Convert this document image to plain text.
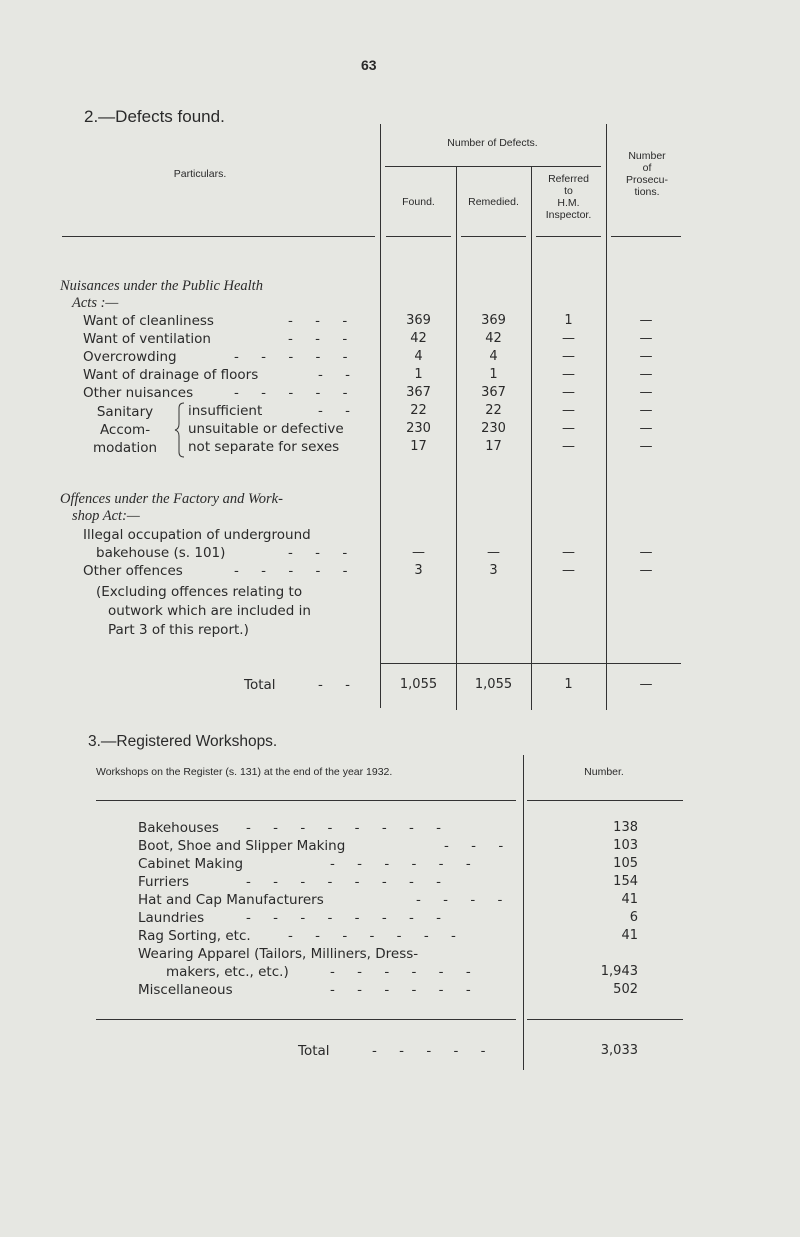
63
2.—Defects found.
Particulars.
Number of Defects.
Found.	Remedied.
Referred
to
H.M.
Inspector.
Number
of
Prosecu-
tions.
Nuisances under the Public Health
Acts :—
Want of cleanliness	- - -	369	369	1	—
Want of ventilation	- - -	42	42	—	—
Overcrowding	- - - - -	4	4	—	—
Want of drainage of floors	- -	1	1	—	—
Other nuisances	- - - - -	367	367	—	—
Sanitary
Accom-
modation
insufficient	- -	22	22	—	—
unsuitable or defective	230	230	—	—
not separate for sexes	17	17	—	—
Offences under the Factory and Work-
shop Act:—
Illegal occupation of underground
bakehouse (s. 101)	- - -	—	—	—	—
Other offences	- - - - -	3	3	—	—
(Excluding offences relating to
outwork which are included in
Part 3 of this report.)
Total	- -	1,055	1,055	1	—
3.—Registered Workshops.
Workshops on the Register (s. 131) at the end of the year 1932.	Number.
Bakehouses - - - - - - - -	138
Boot, Shoe and Slipper Making	- - -	103
Cabinet Making	- - - - - -	105
Furriers	- - - - - - - -	154
Hat and Cap Manufacturers	- - - -	41
Laundries	- - - - - - - -	6
Rag Sorting, etc.	- - - - - - -	41
Wearing Apparel (Tailors, Milliners, Dress-
makers, etc., etc.)	- - - - - -	1,943
Miscellaneous	- - - - - -	502
Total	- - - - -	3,033
